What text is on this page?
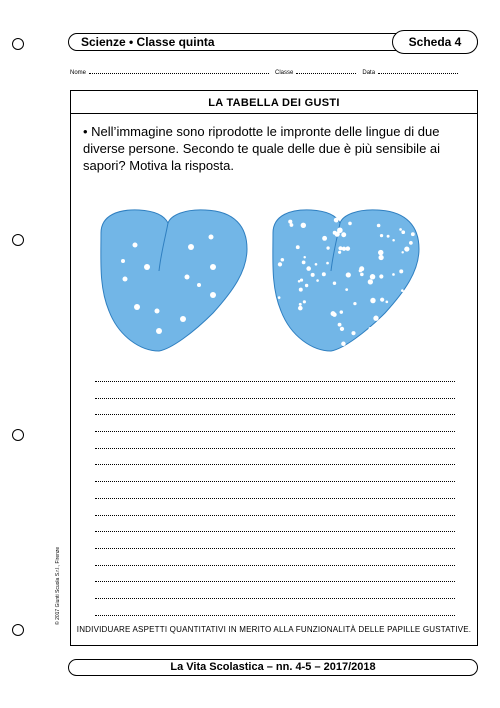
Scienze • Classe quinta	Scheda 4
Nome	Classe	Data
LA TABELLA DEI GUSTI
• Nell’immagine sono riprodotte le impronte delle lingue di due diverse persone. Secondo te quale delle due è più sensibile ai sapori? Motiva la risposta.
INDIVIDUARE ASPETTI QUANTITATIVI IN MERITO ALLA FUNZIONALITÀ DELLE PAPILLE GUSTATIVE.
© 2017 Giunti Scuola S.r.l., Firenze
La Vita Scolastica – nn. 4-5 – 2017/2018
